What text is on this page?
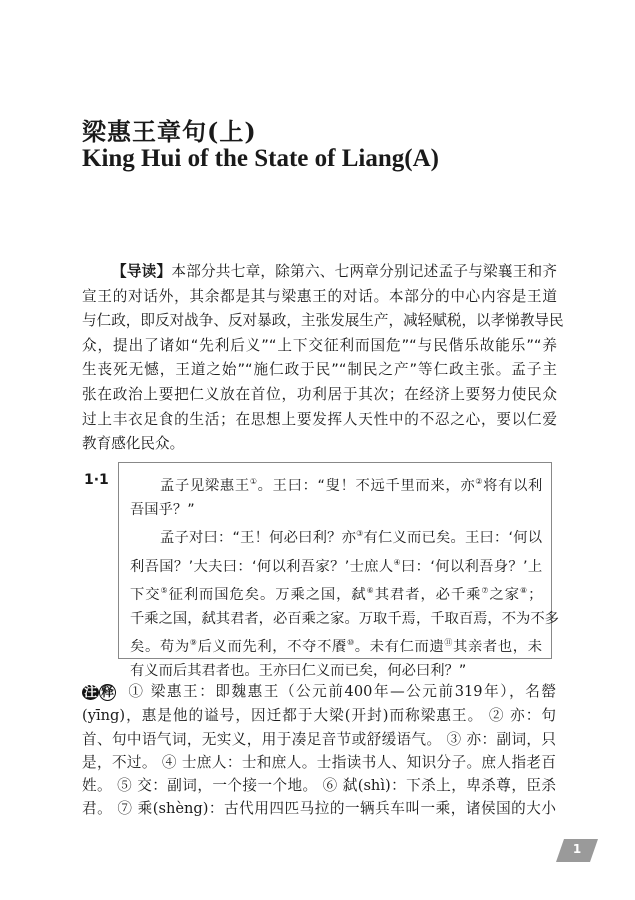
梁惠王章句(上)
King Hui of the State of Liang(A)
【导读】本部分共七章，除第六、七两章分别记述孟子与梁襄王和齐
宣王的对话外，其余都是其与梁惠王的对话。本部分的中心内容是王道
与仁政，即反对战争、反对暴政，主张发展生产，减轻赋税，以孝悌教导民
众，提出了诸如“先利后义”“上下交征利而国危”“与民偕乐故能乐”“养
生丧死无憾，王道之始”“施仁政于民”“制民之产”等仁政主张。孟子主
张在政治上要把仁义放在首位，功利居于其次；在经济上要努力使民众
过上丰衣足食的生活；在思想上要发挥人天性中的不忍之心，要以仁爱
教育感化民众。
1·1	孟子见梁惠王①。王曰：“叟！不远千里而来，亦②将有以利
吾国乎？”
孟子对曰：“王！何必曰利？亦③有仁义而已矣。王曰：‘何以
利吾国？’大夫曰：‘何以利吾家？’士庶人④曰：‘何以利吾身？’上
下交⑤征利而国危矣。万乘之国，弑⑥其君者，必千乘⑦之家⑧；
千乘之国，弑其君者，必百乘之家。万取千焉，千取百焉，不为不多
矣。苟为⑨后义而先利，不夺不餍⑩。未有仁而遗⑪其亲者也，未
有义而后其君者也。王亦曰仁义而已矣，何必曰利？”
注 释 ① 梁惠王：即魏惠王（公元前400年—公元前319年），名罃
(yīng)，惠是他的谥号，因迁都于大梁(开封)而称梁惠王。 ② 亦：句
首、句中语气词，无实义，用于凑足音节或舒缓语气。 ③ 亦：副词，只
是，不过。 ④ 士庶人：士和庶人。士指读书人、知识分子。庶人指老百
姓。 ⑤ 交：副词，一个接一个地。 ⑥ 弑(shì)：下杀上，卑杀尊，臣杀
君。 ⑦ 乘(shèng)：古代用四匹马拉的一辆兵车叫一乘，诸侯国的大小
1
